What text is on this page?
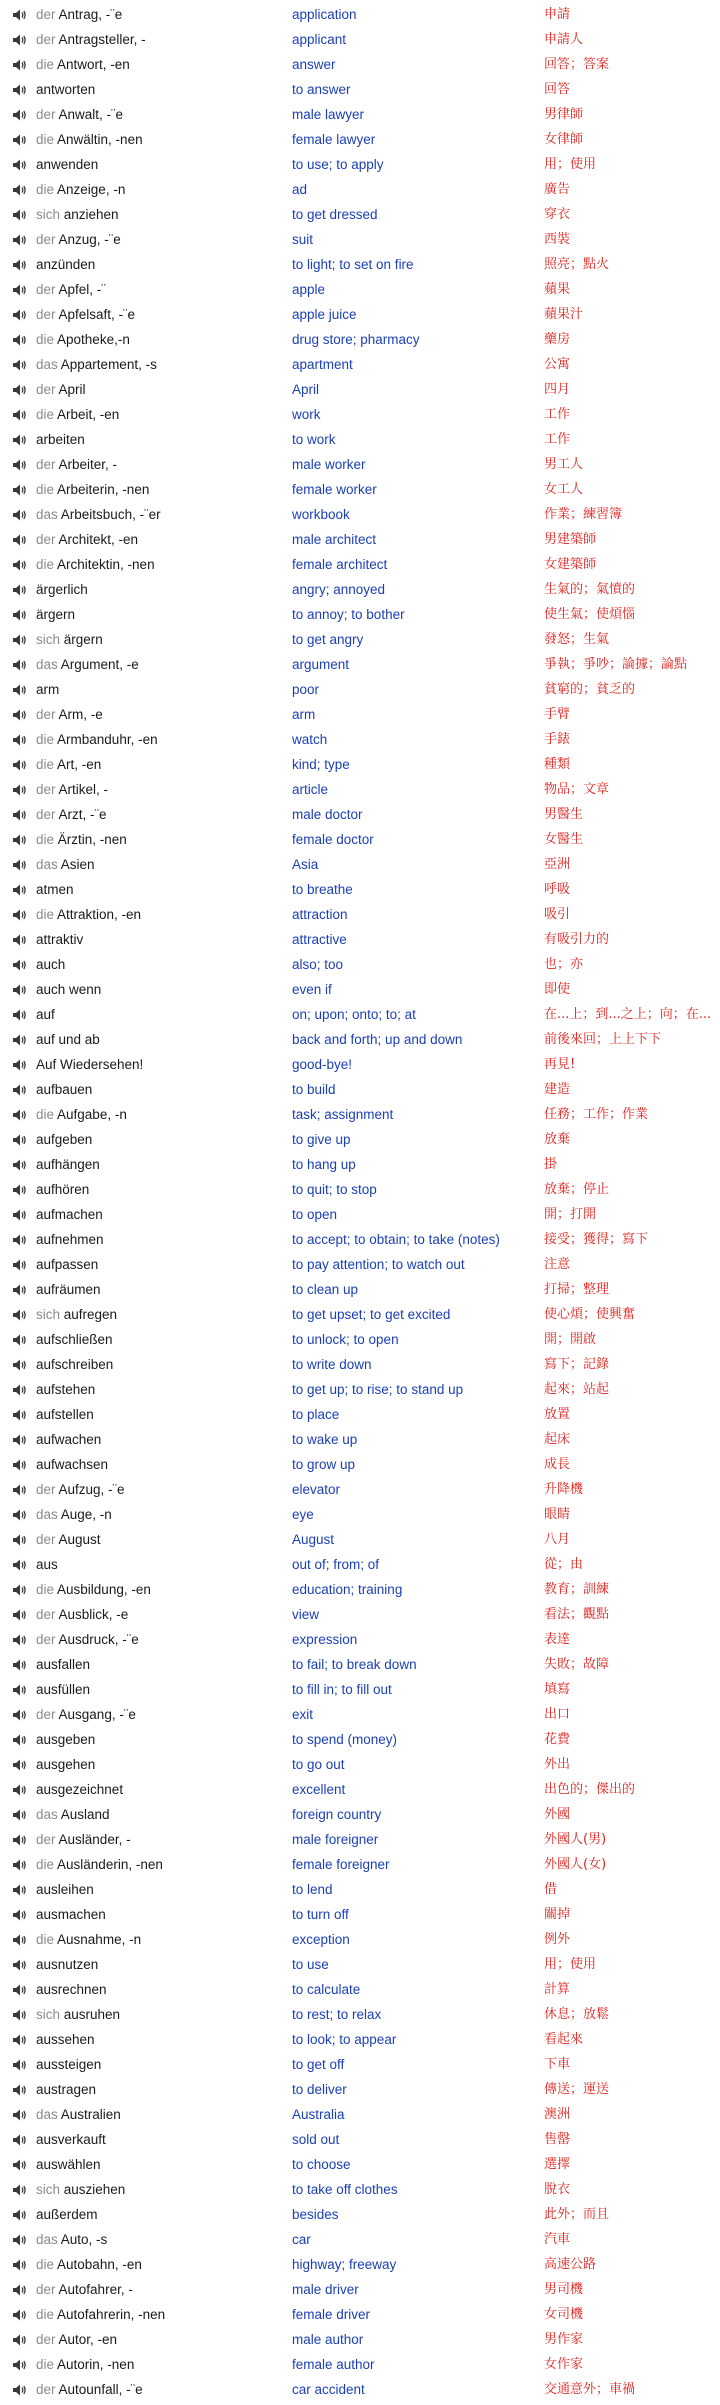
der Antrag, -¨e	application	申請
der Antragsteller, -	applicant	申請人
die Antwort, -en	answer	回答；答案
antworten	to answer	回答
der Anwalt, -¨e	male lawyer	男律師
die Anwältin, -nen	female lawyer	女律師
anwenden	to use; to apply	用；使用
die Anzeige, -n	ad	廣告
sich anziehen	to get dressed	穿衣
der Anzug, -¨e	suit	西裝
anzünden	to light; to set on fire	照亮；點火
der Apfel, -¨	apple	蘋果
der Apfelsaft, -¨e	apple juice	蘋果汁
die Apotheke,-n	drug store; pharmacy	藥房
das Appartement, -s	apartment	公寓
der April	April	四月
die Arbeit, -en	work	工作
arbeiten	to work	工作
der Arbeiter, -	male worker	男工人
die Arbeiterin, -nen	female worker	女工人
das Arbeitsbuch, -¨er	workbook	作業；練習簿
der Architekt, -en	male architect	男建築師
die Architektin, -nen	female architect	女建築師
ärgerlich	angry; annoyed	生氣的；氣憤的
ärgern	to annoy; to bother	使生氣；使煩惱
sich ärgern	to get angry	發怒；生氣
das Argument, -e	argument	爭執；爭吵；論據；論點
arm	poor	貧窮的；貧乏的
der Arm, -e	arm	手臂
die Armbanduhr, -en	watch	手錶
die Art, -en	kind; type	種類
der Artikel, -	article	物品；文章
der Arzt, -¨e	male doctor	男醫生
die Ärztin, -nen	female doctor	女醫生
das Asien	Asia	亞洲
atmen	to breathe	呼吸
die Attraktion, -en	attraction	吸引
attraktiv	attractive	有吸引力的
auch	also; too	也；亦
auch wenn	even if	即使
auf	on; upon; onto; to; at	在...上；到...之上；向；在...
auf und ab	back and forth; up and down	前後來回；上上下下
Auf Wiedersehen!	good-bye!	再見!
aufbauen	to build	建造
die Aufgabe, -n	task; assignment	任務；工作；作業
aufgeben	to give up	放棄
aufhängen	to hang up	掛
aufhören	to quit; to stop	放棄；停止
aufmachen	to open	開；打開
aufnehmen	to accept; to obtain; to take (notes)	接受；獲得；寫下
aufpassen	to pay attention; to watch out	注意
aufräumen	to clean up	打掃；整理
sich aufregen	to get upset; to get excited	使心煩；使興奮
aufschließen	to unlock; to open	開；開啟
aufschreiben	to write down	寫下；記錄
aufstehen	to get up; to rise; to stand up	起來；站起
aufstellen	to place	放置
aufwachen	to wake up	起床
aufwachsen	to grow up	成長
der Aufzug, -¨e	elevator	升降機
das Auge, -n	eye	眼睛
der August	August	八月
aus	out of; from; of	從；由
die Ausbildung, -en	education; training	教育；訓練
der Ausblick, -e	view	看法；觀點
der Ausdruck, -¨e	expression	表達
ausfallen	to fail; to break down	失敗；故障
ausfüllen	to fill in; to fill out	填寫
der Ausgang, -¨e	exit	出口
ausgeben	to spend (money)	花費
ausgehen	to go out	外出
ausgezeichnet	excellent	出色的；傑出的
das Ausland	foreign country	外國
der Ausländer, -	male foreigner	外國人(男)
die Ausländerin, -nen	female foreigner	外國人(女)
ausleihen	to lend	借
ausmachen	to turn off	關掉
die Ausnahme, -n	exception	例外
ausnutzen	to use	用；使用
ausrechnen	to calculate	計算
sich ausruhen	to rest; to relax	休息；放鬆
aussehen	to look; to appear	看起來
aussteigen	to get off	下車
austragen	to deliver	傳送；運送
das Australien	Australia	澳洲
ausverkauft	sold out	售罄
auswählen	to choose	選擇
sich ausziehen	to take off clothes	脫衣
außerdem	besides	此外；而且
das Auto, -s	car	汽車
die Autobahn, -en	highway; freeway	高速公路
der Autofahrer, -	male driver	男司機
die Autofahrerin, -nen	female driver	女司機
der Autor, -en	male author	男作家
die Autorin, -nen	female author	女作家
der Autounfall, -¨e	car accident	交通意外；車禍
